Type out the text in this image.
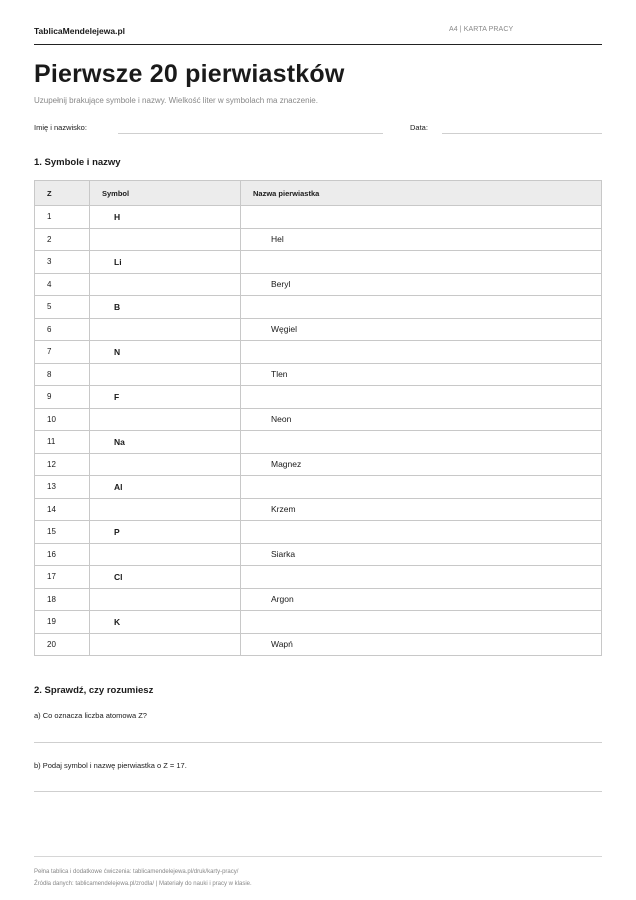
TablicaMendelejewa.pl	A4 | KARTA PRACY
Pierwsze 20 pierwiastków
Uzupełnij brakujące symbole i nazwy. Wielkość liter w symbolach ma znaczenie.
Imię i nazwisko:	Data:
1. Symbole i nazwy
Z	Symbol	Nazwa pierwiastka
1	H	
2		Hel
3	Li	
4		Beryl
5	B	
6		Węgiel
7	N	
8		Tlen
9	F	
10		Neon
11	Na	
12		Magnez
13	Al	
14		Krzem
15	P	
16		Siarka
17	Cl	
18		Argon
19	K	
20		Wapń
2. Sprawdź, czy rozumiesz
a) Co oznacza liczba atomowa Z?
b) Podaj symbol i nazwę pierwiastka o Z = 17.
Pełna tablica i dodatkowe ćwiczenia: tablicamendelejewa.pl/druk/karty-pracy/
Źródła danych: tablicamendelejewa.pl/zrodla/ | Materiały do nauki i pracy w klasie.
